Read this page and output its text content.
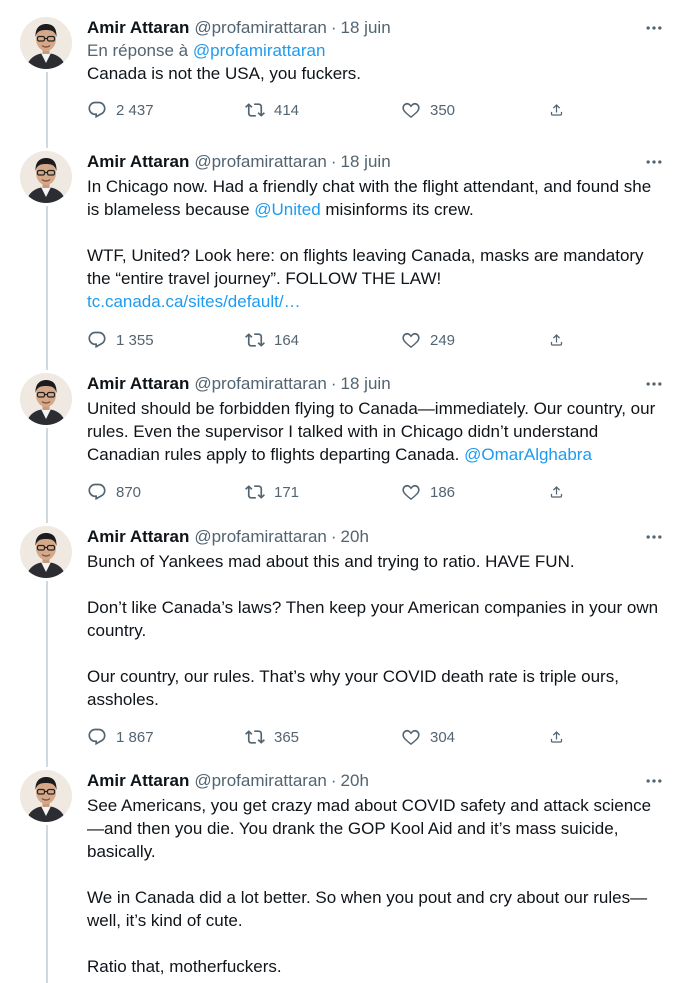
Amir Attaran @profamirattaran · 18 juin
En réponse à @profamirattaran

Canada is not the USA, you fuckers.

2 437	414	350
Amir Attaran @profamirattaran · 18 juin

In Chicago now. Had a friendly chat with the flight attendant, and found she is blameless because @United misinforms its crew.

WTF, United? Look here: on flights leaving Canada, masks are mandatory the “entire travel journey”. FOLLOW THE LAW!

tc.canada.ca/sites/default/…

1 355	164	249
Amir Attaran @profamirattaran · 18 juin

United should be forbidden flying to Canada—immediately. Our country, our rules. Even the supervisor I talked with in Chicago didn’t understand Canadian rules apply to flights departing Canada. @OmarAlghabra

870	171	186
Amir Attaran @profamirattaran · 20h

Bunch of Yankees mad about this and trying to ratio. HAVE FUN.

Don’t like Canada’s laws? Then keep your American companies in your own country.

Our country, our rules. That’s why your COVID death rate is triple ours, assholes.

1 867	365	304
Amir Attaran @profamirattaran · 20h

See Americans, you get crazy mad about COVID safety and attack science—and then you die. You drank the GOP Kool Aid and it’s mass suicide, basically.

We in Canada did a lot better. So when you pout and cry about our rules—well, it’s kind of cute.

Ratio that, motherfuckers.
